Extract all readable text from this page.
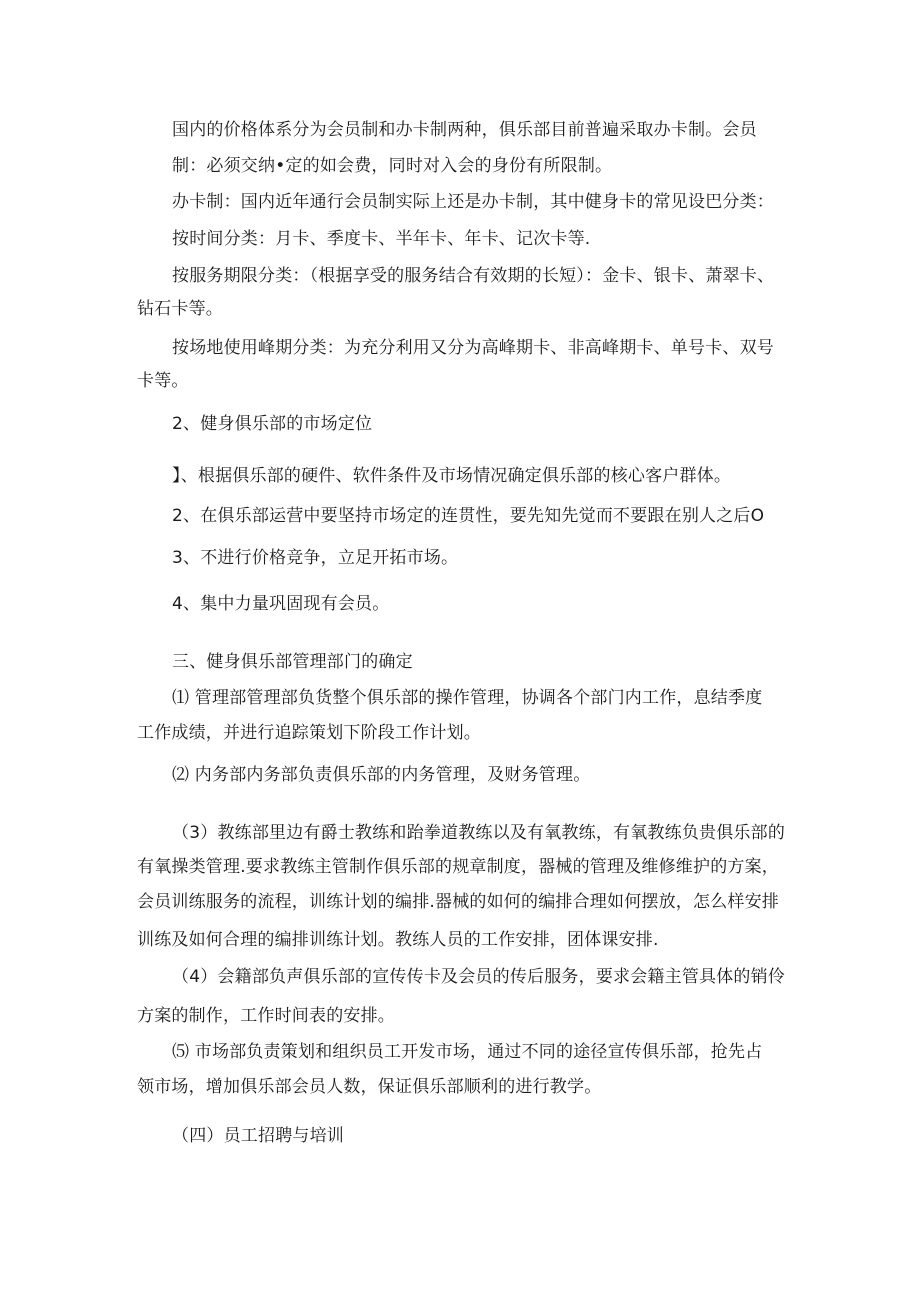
国内的价格体系分为会员制和办卡制两种，俱乐部目前普遍采取办卡制。会员
制：必须交纳•定的如会费，同时对入会的身份有所限制。
办卡制：国内近年通行会员制实际上还是办卡制，其中健身卡的常见设巴分类：
按时间分类：月卡、季度卡、半年卡、年卡、记次卡等.
按服务期限分类：（根据享受的服务结合有效期的长短）：金卡、银卡、萧翠卡、
钻石卡等。
按场地使用峰期分类：为充分利用又分为高峰期卡、非高峰期卡、单号卡、双号
卡等。
2、健身俱乐部的市场定位
】、根据俱乐部的硬件、软件条件及市场情况确定俱乐部的核心客户群体。
2、在俱乐部运营中要坚持市场定的连贯性，要先知先觉而不要跟在别人之后O
3、不进行价格竞争，立足开拓市场。
4、集中力量巩固现有会员。
三、健身俱乐部管理部门的确定
⑴ 管理部管理部负货整个俱乐部的操作管理，协调各个部门内工作，息结季度
工作成绩，并进行追踪策划下阶段工作计划。
⑵ 内务部内务部负责俱乐部的内务管理，及财务管理。
（3）教练部里边有爵士教练和跆拳道教练以及有氧教练，有氧教练负贵俱乐部的
有氧操类管理.要求教练主管制作俱乐部的规章制度，器械的管理及维修维护的方案，
会员训练服务的流程，训练计划的编排.器械的如何的编排合理如何摆放，怎么样安排
训练及如何合理的编排训练计划。教练人员的工作安排，团体课安排.
（4）会籍部负声俱乐部的宣传传卡及会员的传后服务，要求会籍主管具体的销伶
方案的制作，工作时间表的安排。
⑸ 市场部负责策划和组织员工开发市场，通过不同的途径宣传俱乐部，抢先占
领市场，增加俱乐部会员人数，保证俱乐部顺利的进行教学。
（四）员工招聘与培训
